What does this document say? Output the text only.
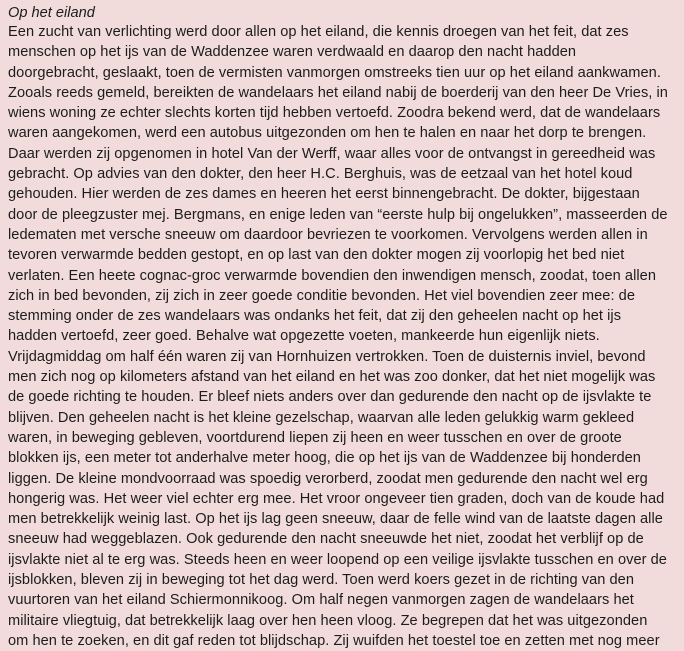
Op het eiland
Een zucht van verlichting werd door allen op het eiland, die kennis droegen van het feit, dat zes
menschen op het ijs van de Waddenzee waren verdwaald en daarop den nacht hadden
doorgebracht, geslaakt, toen de vermisten vanmorgen omstreeks tien uur op het eiland aankwamen.
Zooals reeds gemeld, bereikten de wandelaars het eiland nabij de boerderij van den heer De Vries, in
wiens woning ze echter slechts korten tijd hebben vertoefd. Zoodra bekend werd, dat de wandelaars
waren aangekomen, werd een autobus uitgezonden om hen te halen en naar het dorp te brengen.
Daar werden zij opgenomen in hotel Van der Werff, waar alles voor de ontvangst in gereedheid was
gebracht. Op advies van den dokter, den heer H.C. Berghuis, was de eetzaal van het hotel koud
gehouden. Hier werden de zes dames en heeren het eerst binnengebracht. De dokter, bijgestaan
door de pleegzuster mej. Bergmans, en enige leden van “eerste hulp bij ongelukken”, masseerden de
ledematen met versche sneeuw om daardoor bevriezen te voorkomen. Vervolgens werden allen in
tevoren verwarmde bedden gestopt, en op last van den dokter mogen zij voorlopig het bed niet
verlaten. Een heete cognac-groc verwarmde bovendien den inwendigen mensch, zoodat, toen allen
zich in bed bevonden, zij zich in zeer goede conditie bevonden. Het viel bovendien zeer mee: de
stemming onder de zes wandelaars was ondanks het feit, dat zij den geheelen nacht op het ijs
hadden vertoefd, zeer goed. Behalve wat opgezette voeten, mankeerde hun eigenlijk niets.
Vrijdagmiddag om half één waren zij van Hornhuizen vertrokken. Toen de duisternis inviel, bevond
men zich nog op kilometers afstand van het eiland en het was zoo donker, dat het niet mogelijk was
de goede richting te houden. Er bleef niets anders over dan gedurende den nacht op de ijsvlakte te
blijven. Den geheelen nacht is het kleine gezelschap, waarvan alle leden gelukkig warm gekleed
waren, in beweging gebleven, voortdurend liepen zij heen en weer tusschen en over de groote
blokken ijs, een meter tot anderhalve meter hoog, die op het ijs van de Waddenzee bij honderden
liggen. De kleine mondvoorraad was spoedig verorberd, zoodat men gedurende den nacht wel erg
hongerig was. Het weer viel echter erg mee. Het vroor ongeveer tien graden, doch van de koude had
men betrekkelijk weinig last. Op het ijs lag geen sneeuw, daar de felle wind van de laatste dagen alle
sneeuw had weggeblazen. Ook gedurende den nacht sneeuwde het niet, zoodat het verblijf op de
ijsvlakte niet al te erg was. Steeds heen en weer loopend op een veilige ijsvlakte tusschen en over de
ijsblokken, bleven zij in beweging tot het dag werd. Toen werd koers gezet in de richting van den
vuurtoren van het eiland Schiermonnikoog. Om half negen vanmorgen zagen de wandelaars het
militaire vliegtuig, dat betrekkelijk laag over hen heen vloog. Ze begrepen dat het was uitgezonden
om hen te zoeken, en dit gaf reden tot blijdschap. Zij wuifden het toestel toe en zetten met nog meer
